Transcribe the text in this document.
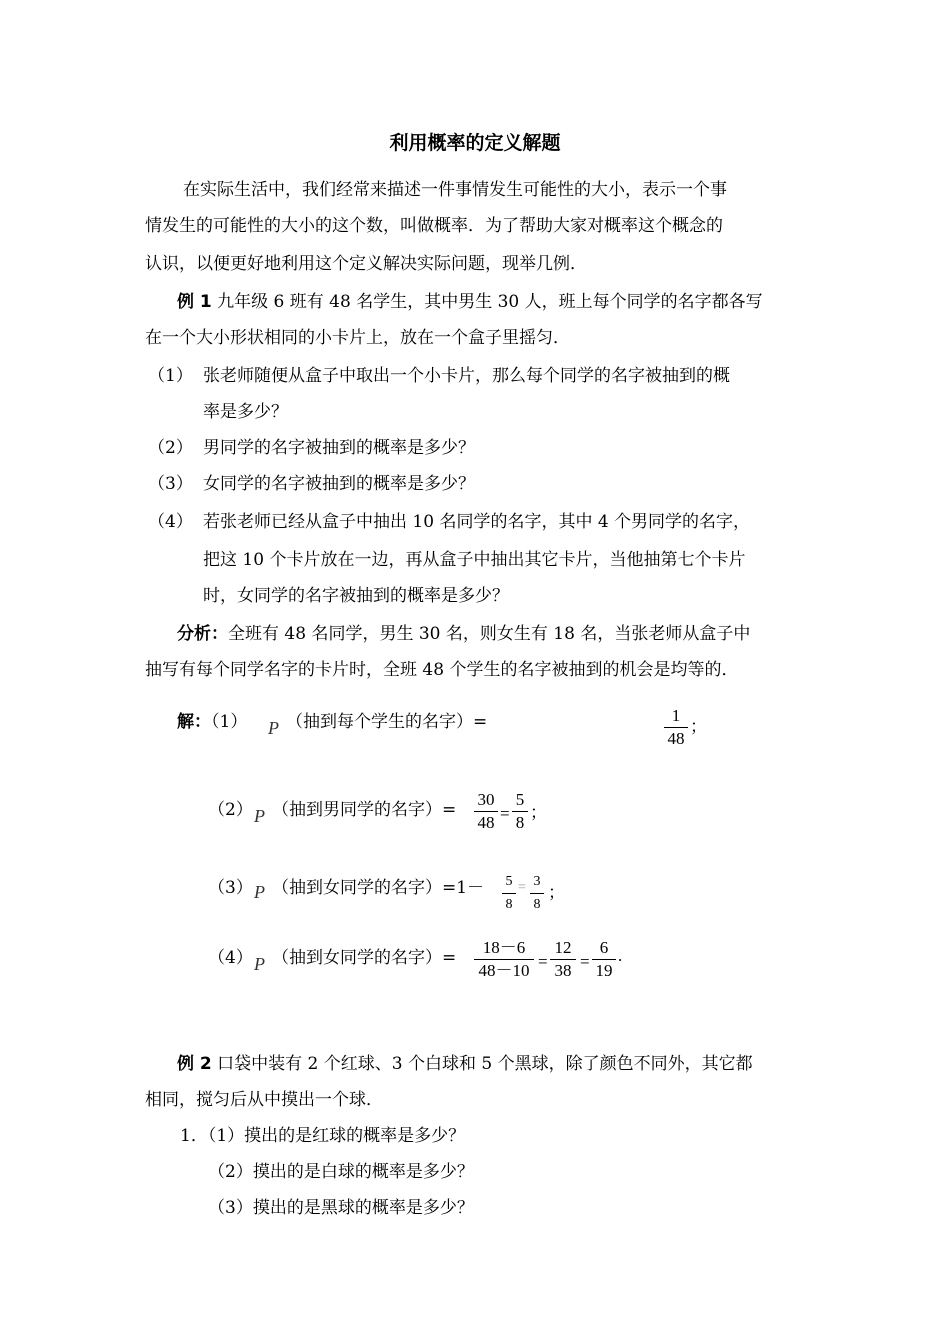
利用概率的定义解题
在实际生活中，我们经常来描述一件事情发生可能性的大小，表示一个事
情发生的可能性的大小的这个数，叫做概率．为了帮助大家对概率这个概念的
认识，以便更好地利用这个定义解决实际问题，现举几例．
例 1 九年级 6 班有 48 名学生，其中男生 30 人，班上每个同学的名字都各写
在一个大小形状相同的小卡片上，放在一个盒子里摇匀．
（1） 张老师随便从盒子中取出一个小卡片，那么每个同学的名字被抽到的概
率是多少？
（2） 男同学的名字被抽到的概率是多少？
（3） 女同学的名字被抽到的概率是多少？
（4） 若张老师已经从盒子中抽出 10 名同学的名字，其中 4 个男同学的名字，
把这 10 个卡片放在一边，再从盒子中抽出其它卡片，当他抽第七个卡片
时，女同学的名字被抽到的概率是多少？
分析：全班有 48 名同学，男生 30 名，则女生有 18 名，当张老师从盒子中
抽写有每个同学名字的卡片时，全班 48 个学生的名字被抽到的机会是均等的．
解：（1） P （抽到每个学生的名字）=	1
48
；
（2） P （抽到男同学的名字）=
30
48 =
5
8
；
（3） P （抽到女同学的名字）=1－ 5
8
= 3
8
；
（4） P （抽到女同学的名字）=
18－6
48－10 =
12
38 =
6
19
.
例 2 口袋中装有 2 个红球、3 个白球和 5 个黑球，除了颜色不同外，其它都
相同，搅匀后从中摸出一个球．
1．（1）摸出的是红球的概率是多少？
（2）摸出的是白球的概率是多少？
（3）摸出的是黑球的概率是多少？
